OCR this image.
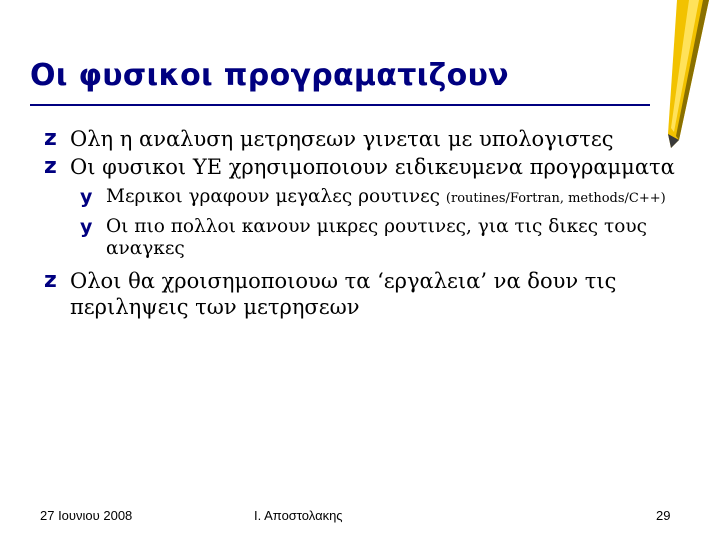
Οι φυσικοι προγραματιζουν
z Ολη η αναλυση μετρησεων γινεται με υπολογιστες
z Οι φυσικοι ΥΕ χρησιμοποιουν ειδικευμενα προγραμματα
y Μερικοι γραφουν μεγαλες ρουτινες (routines/Fortran, methods/C++)
y Οι πιο πολλοι κανουν μικρες ρουτινες, για τις δικες τους αναγκες
z Ολοι θα χροισημοποιουω τα ‘εργαλεια’ να δουν τις περιληψεις των μετρησεων
27 Ιουνιου 2008	Ι. Αποστολακης	29
